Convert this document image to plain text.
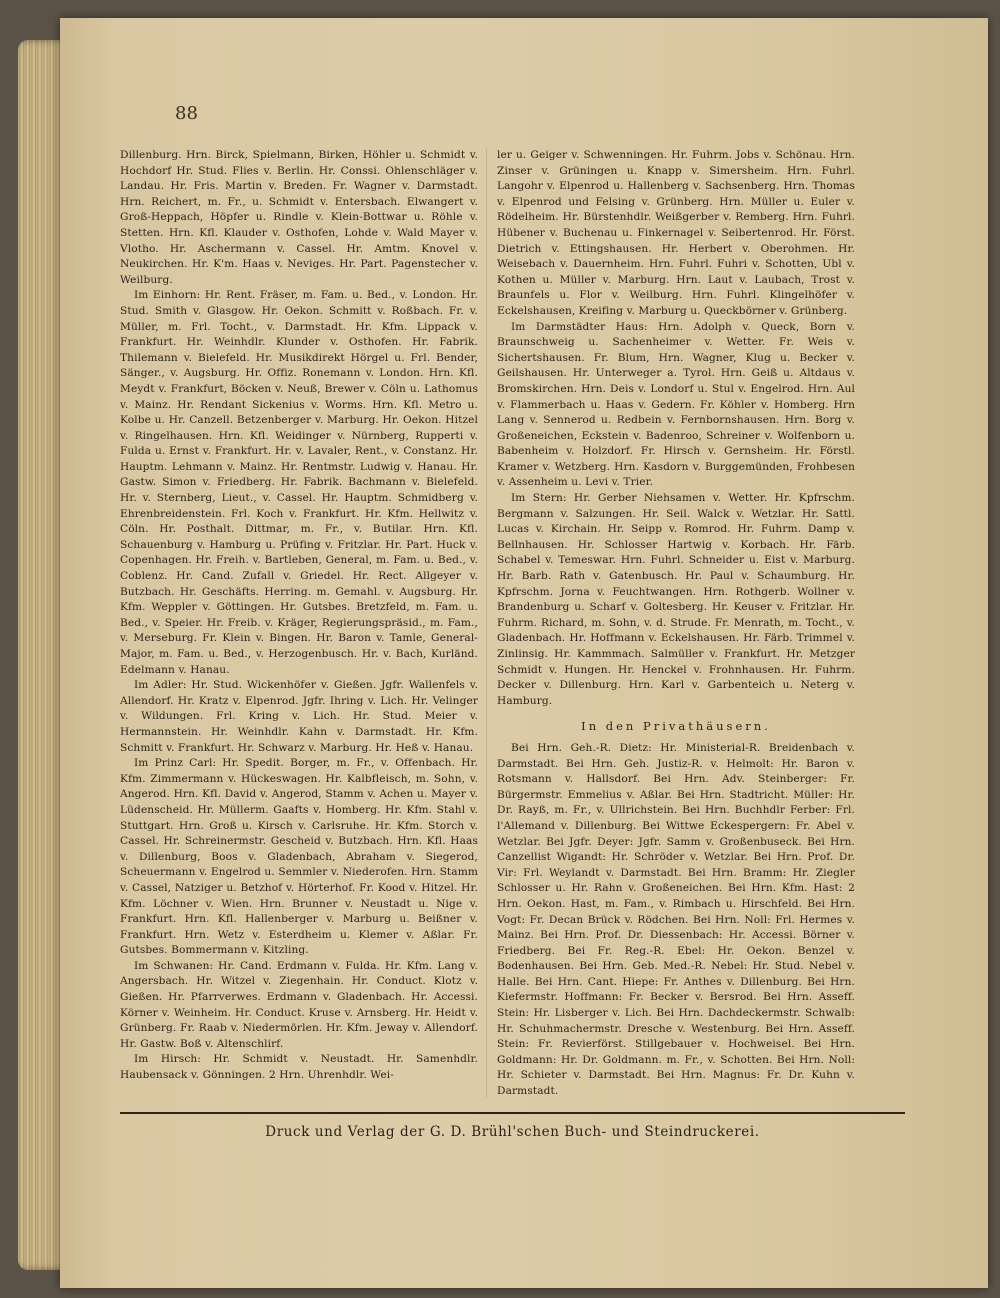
88

Dillenburg. Hrn. Birck, Spielmann, Birken, Höhler u. Schmidt v. Hochdorf Hr. Stud. Flies v. Berlin. Hr. Conssi. Ohlenschläger v. Landau. Hr. Fris. Martin v. Breden. Fr. Wagner v. Darmstadt. Hrn. Reichert, m. Fr., u. Schmidt v. Entersbach. Elwangert v. Groß-Heppach, Höpfer u. Rindle v. Klein-Bottwar u. Röhle v. Stetten. Hrn. Kfl. Klauder v. Osthofen, Lohde v. Wald Mayer v. Vlotho. Hr. Aschermann v. Cassel. Hr. Amtm. Knovel v. Neukirchen. Hr. K'm. Haas v. Neviges. Hr. Part. Pagenstecher v. Weilburg.

Im Einhorn: Hr. Rent. Fräser, m. Fam. u. Bed., v. London. Hr. Stud. Smith v. Glasgow. Hr. Oekon. Schmitt v. Roßbach. Fr. v. Müller, m. Frl. Tocht., v. Darmstadt. Hr. Kfm. Lippack v. Frankfurt. Hr. Weinhdlr. Klunder v. Osthofen. Hr. Fabrik. Thilemann v. Bielefeld. Hr. Musikdirekt Hörgel u. Frl. Bender, Sänger., v. Augsburg. Hr. Offiz. Ronemann v. London. Hrn. Kfl. Meydt v. Frankfurt, Böcken v. Neuß, Brewer v. Cöln u. Lathomus v. Mainz. Hr. Rendant Sickenius v. Worms. Hrn. Kfl. Metro u. Kolbe u. Hr. Canzell. Betzenberger v. Marburg. Hr. Oekon. Hitzel v. Ringelhausen. Hrn. Kfl. Weidinger v. Nürnberg, Rupperti v. Fulda u. Ernst v. Frankfurt. Hr. v. Lavaler, Rent., v. Constanz. Hr. Hauptm. Lehmann v. Mainz. Hr. Rentmstr. Ludwig v. Hanau. Hr. Gastw. Simon v. Friedberg. Hr. Fabrik. Bachmann v. Bielefeld. Hr. v. Sternberg, Lieut., v. Cassel. Hr. Hauptm. Schmidberg v. Ehrenbreidenstein. Frl. Koch v. Frankfurt. Hr. Kfm. Hellwitz v. Cöln. Hr. Posthalt. Dittmar, m. Fr., v. Butilar. Hrn. Kfl. Schauenburg v. Hamburg u. Prüfing v. Fritzlar. Hr. Part. Huck v. Copenhagen. Hr. Freih. v. Bartleben, General, m. Fam. u. Bed., v. Coblenz. Hr. Cand. Zufall v. Griedel. Hr. Rect. Allgeyer v. Butzbach. Hr. Geschäfts. Herring. m. Gemahl. v. Augsburg. Hr. Kfm. Weppler v. Göttingen. Hr. Gutsbes. Bretzfeld, m. Fam. u. Bed., v. Speier. Hr. Freib. v. Kräger, Regierungspräsid., m. Fam., v. Merseburg. Fr. Klein v. Bingen. Hr. Baron v. Tamle, General-Major, m. Fam. u. Bed., v. Herzogenbusch. Hr. v. Bach, Kurländ. Edelmann v. Hanau.

Im Adler: Hr. Stud. Wickenhöfer v. Gießen. Jgfr. Wallenfels v. Allendorf. Hr. Kratz v. Elpenrod. Jgfr. Ihring v. Lich. Hr. Velinger v. Wildungen. Frl. Kring v. Lich. Hr. Stud. Meier v. Hermannstein. Hr. Weinhdlr. Kahn v. Darmstadt. Hr. Kfm. Schmitt v. Frankfurt. Hr. Schwarz v. Marburg. Hr. Heß v. Hanau.

Im Prinz Carl: Hr. Spedit. Borger, m. Fr., v. Offenbach. Hr. Kfm. Zimmermann v. Hückeswagen. Hr. Kalbfleisch, m. Sohn, v. Angerod. Hrn. Kfl. David v. Angerod, Stamm v. Achen u. Mayer v. Lüdenscheid. Hr. Müllerm. Gaafts v. Homberg. Hr. Kfm. Stahl v. Stuttgart. Hrn. Groß u. Kirsch v. Carlsruhe. Hr. Kfm. Storch v. Cassel. Hr. Schreinermstr. Gescheid v. Butzbach. Hrn. Kfl. Haas v. Dillenburg, Boos v. Gladenbach, Abraham v. Siegerod, Scheuermann v. Engelrod u. Semmler v. Niederofen. Hrn. Stamm v. Cassel, Natziger u. Betzhof v. Hörterhof. Fr. Kood v. Hitzel. Hr. Kfm. Löchner v. Wien. Hrn. Brunner v. Neustadt u. Nige v. Frankfurt. Hrn. Kfl. Hallenberger v. Marburg u. Beißner v. Frankfurt. Hrn. Wetz v. Esterdheim u. Klemer v. Aßlar. Fr. Gutsbes. Bommermann v. Kitzling.

Im Schwanen: Hr. Cand. Erdmann v. Fulda. Hr. Kfm. Lang v. Angersbach. Hr. Witzel v. Ziegenhain. Hr. Conduct. Klotz v. Gießen. Hr. Pfarrverwes. Erdmann v. Gladenbach. Hr. Accessi. Körner v. Weinheim. Hr. Conduct. Kruse v. Arnsberg. Hr. Heidt v. Grünberg. Fr. Raab v. Niedermörlen. Hr. Kfm. Jeway v. Allendorf. Hr. Gastw. Boß v. Altenschlirf.

Im Hirsch: Hr. Schmidt v. Neustadt. Hr. Samenhdlr. Haubensack v. Gönningen. 2 Hrn. Uhrenhdlr. Wei-

ler u. Geiger v. Schwenningen. Hr. Fuhrm. Jobs v. Schönau. Hrn. Zinser v. Grüningen u. Knapp v. Simersheim. Hrn. Fuhrl. Langohr v. Elpenrod u. Hallenberg v. Sachsenberg. Hrn. Thomas v. Elpenrod und Felsing v. Grünberg. Hrn. Müller u. Euler v. Rödelheim. Hr. Bürstenhdlr. Weißgerber v. Remberg. Hrn. Fuhrl. Hübener v. Buchenau u. Finkernagel v. Seibertenrod. Hr. Först. Dietrich v. Ettingshausen. Hr. Herbert v. Oberohmen. Hr. Weisebach v. Dauernheim. Hrn. Fuhrl. Fuhri v. Schotten, Ubl v. Kothen u. Müller v. Marburg. Hrn. Laut v. Laubach, Trost v. Braunfels u. Flor v. Weilburg. Hrn. Fuhrl. Klingelhöfer v. Eckelshausen, Kreifing v. Marburg u. Queckbörner v. Grünberg.

Im Darmstädter Haus: Hrn. Adolph v. Queck, Born v. Braunschweig u. Sachenheimer v. Wetter. Fr. Weis v. Sichertshausen. Fr. Blum, Hrn. Wagner, Klug u. Becker v. Geilshausen. Hr. Unterweger a. Tyrol. Hrn. Geiß u. Altdaus v. Bromskirchen. Hrn. Deis v. Londorf u. Stul v. Engelrod. Hrn. Aul v. Flammerbach u. Haas v. Gedern. Fr. Köhler v. Homberg. Hrn Lang v. Sennerod u. Redbein v. Fernbornshausen. Hrn. Borg v. Großeneichen, Eckstein v. Badenroo, Schreiner v. Wolfenborn u. Babenheim v. Holzdorf. Fr. Hirsch v. Gernsheim. Hr. Förstl. Kramer v. Wetzberg. Hrn. Kasdorn v. Burggemünden, Frohbesen v. Assenheim u. Levi v. Trier.

Im Stern: Hr. Gerber Niehsamen v. Wetter. Hr. Kpfrschm. Bergmann v. Salzungen. Hr. Seil. Walck v. Wetzlar. Hr. Sattl. Lucas v. Kirchain. Hr. Seipp v. Romrod. Hr. Fuhrm. Damp v. Bellnhausen. Hr. Schlosser Hartwig v. Korbach. Hr. Färb. Schabel v. Temeswar. Hrn. Fuhrl. Schneider u. Eist v. Marburg. Hr. Barb. Rath v. Gatenbusch. Hr. Paul v. Schaumburg. Hr. Kpfrschm. Jorna v. Feuchtwangen. Hrn. Rothgerb. Wollner v. Brandenburg u. Scharf v. Goltesberg. Hr. Keuser v. Fritzlar. Hr. Fuhrm. Richard, m. Sohn, v. d. Strude. Fr. Menrath, m. Tocht., v. Gladenbach. Hr. Hoffmann v. Eckelshausen. Hr. Färb. Trimmel v. Zinlinsig. Hr. Kammmach. Salmüller v. Frankfurt. Hr. Metzger Schmidt v. Hungen. Hr. Henckel v. Frohnhausen. Hr. Fuhrm. Decker v. Dillenburg. Hrn. Karl v. Garbenteich u. Neterg v. Hamburg.

In den Privathäusern.

Bei Hrn. Geh.-R. Dietz: Hr. Ministerial-R. Breidenbach v. Darmstadt. Bei Hrn. Geh. Justiz-R. v. Helmolt: Hr. Baron v. Rotsmann v. Hallsdorf. Bei Hrn. Adv. Steinberger: Fr. Bürgermstr. Emmelius v. Aßlar. Bei Hrn. Stadtricht. Müller: Hr. Dr. Rayß, m. Fr., v. Ullrichstein. Bei Hrn. Buchhdlr Ferber: Frl. l'Allemand v. Dillenburg. Bei Wittwe Eckespergern: Fr. Abel v. Wetzlar. Bei Jgfr. Deyer: Jgfr. Samm v. Großenbuseck. Bei Hrn. Canzellist Wigandt: Hr. Schröder v. Wetzlar. Bei Hrn. Prof. Dr. Vir: Frl. Weylandt v. Darmstadt. Bei Hrn. Bramm: Hr. Ziegler Schlosser u. Hr. Rahn v. Großeneichen. Bei Hrn. Kfm. Hast: 2 Hrn. Oekon. Hast, m. Fam., v. Rimbach u. Hirschfeld. Bei Hrn. Vogt: Fr. Decan Brück v. Rödchen. Bei Hrn. Noll: Frl. Hermes v. Mainz. Bei Hrn. Prof. Dr. Diessenbach: Hr. Accessi. Börner v. Friedberg. Bei Fr. Reg.-R. Ebel: Hr. Oekon. Benzel v. Bodenhausen. Bei Hrn. Geb. Med.-R. Nebel: Hr. Stud. Nebel v. Halle. Bei Hrn. Cant. Hiepe: Fr. Anthes v. Dillenburg. Bei Hrn. Kiefermstr. Hoffmann: Fr. Becker v. Bersrod. Bei Hrn. Asseff. Stein: Hr. Lisberger v. Lich. Bei Hrn. Dachdeckermstr. Schwalb: Hr. Schuhmachermstr. Dresche v. Westenburg. Bei Hrn. Asseff. Stein: Fr. Revierförst. Stillgebauer v. Hochweisel. Bei Hrn. Goldmann: Hr. Dr. Goldmann. m. Fr., v. Schotten. Bei Hrn. Noll: Hr. Schieter v. Darmstadt. Bei Hrn. Magnus: Fr. Dr. Kuhn v. Darmstadt.

Druck und Verlag der G. D. Brühl'schen Buch- und Steindruckerei.
